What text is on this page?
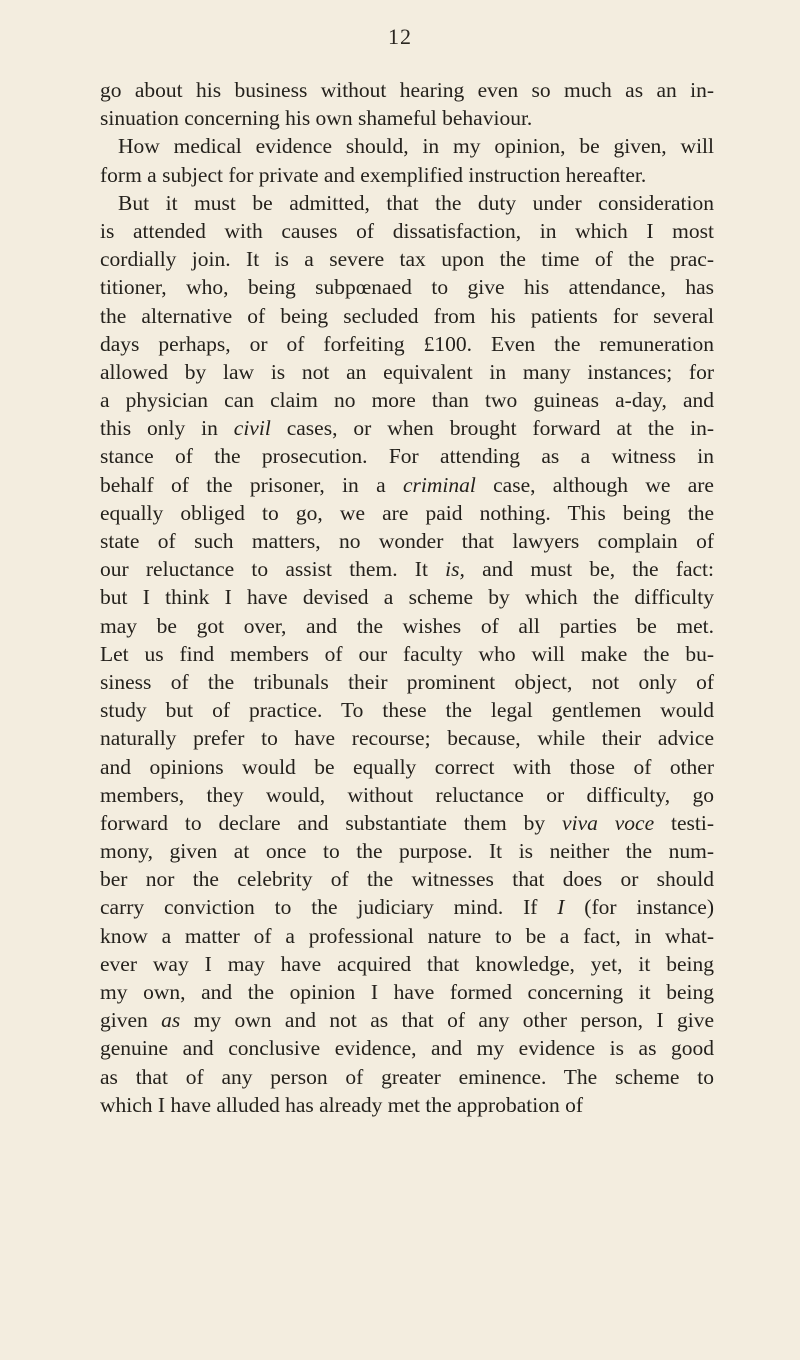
12
go about his business without hearing even so much as an in-
sinuation concerning his own shameful behaviour.
How medical evidence should, in my opinion, be given, will
form a subject for private and exemplified instruction hereafter.
But it must be admitted, that the duty under consideration
is attended with causes of dissatisfaction, in which I most
cordially join. It is a severe tax upon the time of the prac-
titioner, who, being subpœnaed to give his attendance, has
the alternative of being secluded from his patients for several
days perhaps, or of forfeiting £100. Even the remuneration
allowed by law is not an equivalent in many instances; for
a physician can claim no more than two guineas a-day, and
this only in civil cases, or when brought forward at the in-
stance of the prosecution. For attending as a witness in
behalf of the prisoner, in a criminal case, although we are
equally obliged to go, we are paid nothing. This being the
state of such matters, no wonder that lawyers complain of
our reluctance to assist them. It is, and must be, the fact:
but I think I have devised a scheme by which the difficulty
may be got over, and the wishes of all parties be met.
Let us find members of our faculty who will make the bu-
siness of the tribunals their prominent object, not only of
study but of practice. To these the legal gentlemen would
naturally prefer to have recourse; because, while their advice
and opinions would be equally correct with those of other
members, they would, without reluctance or difficulty, go
forward to declare and substantiate them by viva voce testi-
mony, given at once to the purpose. It is neither the num-
ber nor the celebrity of the witnesses that does or should
carry conviction to the judiciary mind. If I (for instance)
know a matter of a professional nature to be a fact, in what-
ever way I may have acquired that knowledge, yet, it being
my own, and the opinion I have formed concerning it being
given as my own and not as that of any other person, I give
genuine and conclusive evidence, and my evidence is as good
as that of any person of greater eminence. The scheme to
which I have alluded has already met the approbation of
